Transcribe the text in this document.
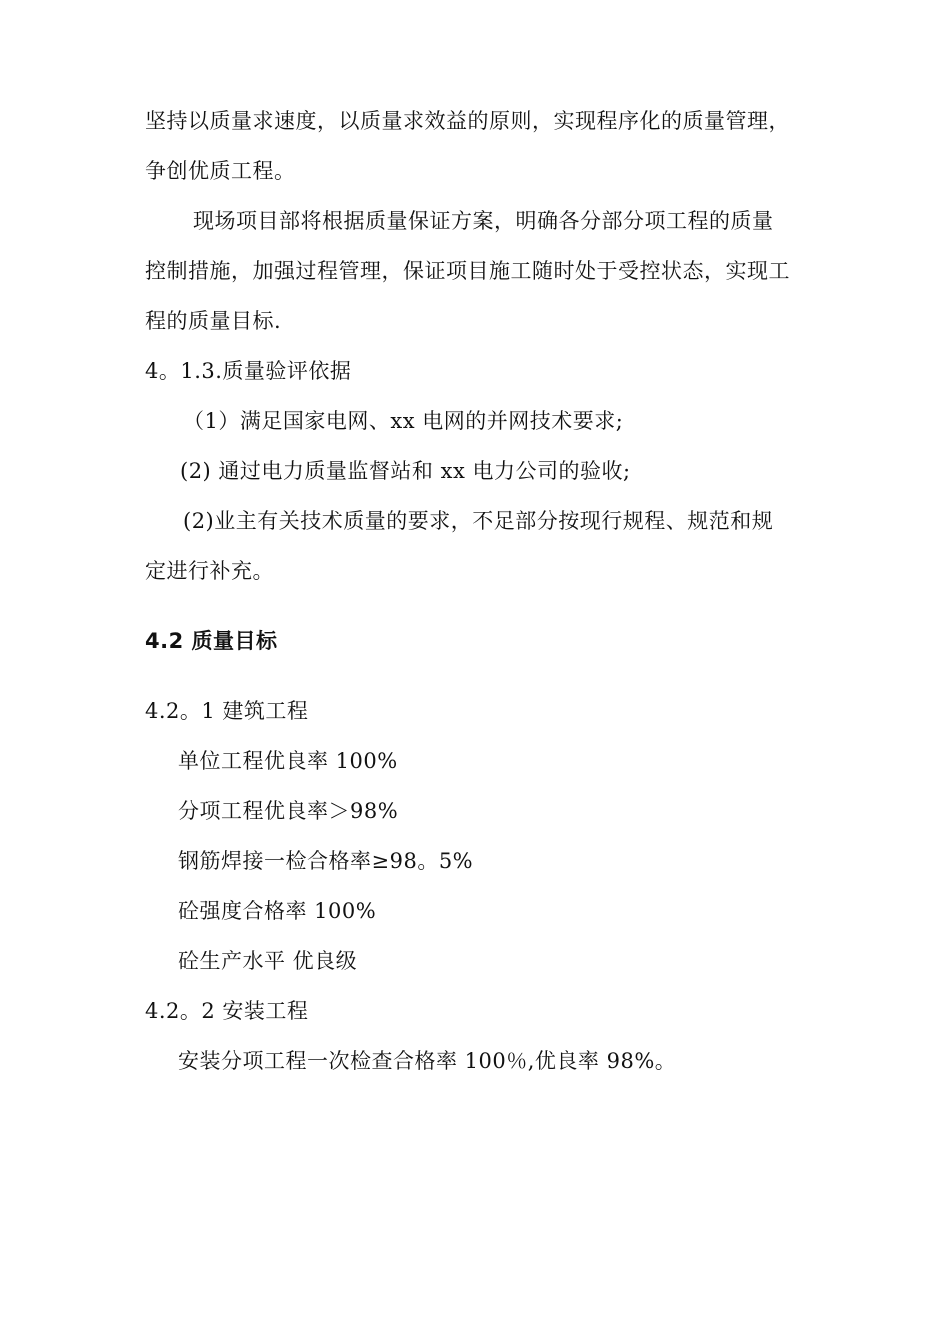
坚持以质量求速度，以质量求效益的原则，实现程序化的质量管理，
争创优质工程。
现场项目部将根据质量保证方案，明确各分部分项工程的质量
控制措施，加强过程管理，保证项目施工随时处于受控状态，实现工
程的质量目标.
4。1.3.质量验评依据
（1）满足国家电网、xx 电网的并网技术要求;
(2) 通过电力质量监督站和 xx 电力公司的验收;
(2)业主有关技术质量的要求，不足部分按现行规程、规范和规
定进行补充。
4.2 质量目标
4.2。1 建筑工程
单位工程优良率 100%
分项工程优良率＞98%
钢筋焊接一检合格率≥98。5%
砼强度合格率 100%
砼生产水平 优良级
4.2。2 安装工程
安装分项工程一次检查合格率 100％,优良率 98%。
